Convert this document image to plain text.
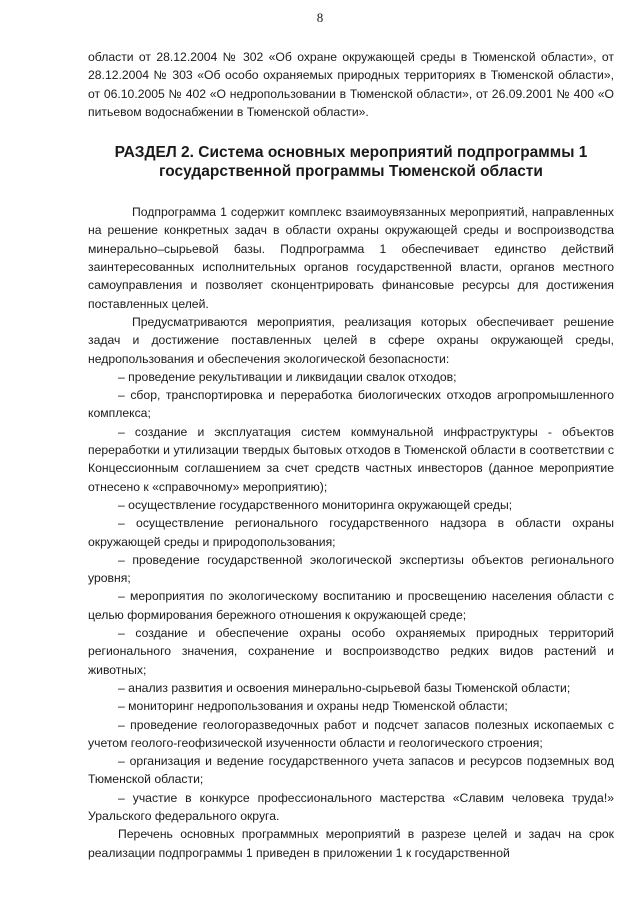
8

области от 28.12.2004 № 302 «Об охране окружающей среды в Тюменской области», от 28.12.2004 № 303 «Об особо охраняемых природных территориях в Тюменской области», от 06.10.2005 № 402 «О недропользовании в Тюменской области», от 26.09.2001 № 400 «О питьевом водоснабжении в Тюменской области».

РАЗДЕЛ 2. Система основных мероприятий подпрограммы 1 государственной программы Тюменской области

Подпрограмма 1 содержит комплекс взаимоувязанных мероприятий, направленных на решение конкретных задач в области охраны окружающей среды и воспроизводства минерально–сырьевой базы. Подпрограмма 1 обеспечивает единство действий заинтересованных исполнительных органов государственной власти, органов местного самоуправления и позволяет сконцентрировать финансовые ресурсы для достижения поставленных целей.

Предусматриваются мероприятия, реализация которых обеспечивает решение задач и достижение поставленных целей в сфере охраны окружающей среды, недропользования и обеспечения экологической безопасности:

– проведение рекультивации и ликвидации свалок отходов;
– сбор, транспортировка и переработка биологических отходов агропромышленного комплекса;
– создание и эксплуатация систем коммунальной инфраструктуры - объектов переработки и утилизации твердых бытовых отходов в Тюменской области в соответствии с Концессионным соглашением за счет средств частных инвесторов (данное мероприятие отнесено к «справочному» мероприятию);
– осуществление государственного мониторинга окружающей среды;
– осуществление регионального государственного надзора в области охраны окружающей среды и природопользования;
– проведение государственной экологической экспертизы объектов регионального уровня;
– мероприятия по экологическому воспитанию и просвещению населения области с целью формирования бережного отношения к окружающей среде;
– создание и обеспечение охраны особо охраняемых природных территорий регионального значения, сохранение и воспроизводство редких видов растений и животных;
– анализ развития и освоения минерально-сырьевой базы Тюменской области;
– мониторинг недропользования и охраны недр Тюменской области;
– проведение геологоразведочных работ и подсчет запасов полезных ископаемых с учетом геолого-геофизической изученности области и геологического строения;
– организация и ведение государственного учета запасов и ресурсов подземных вод Тюменской области;
– участие в конкурсе профессионального мастерства «Славим человека труда!» Уральского федерального округа.

Перечень основных программных мероприятий в разрезе целей и задач на срок реализации подпрограммы 1 приведен в приложении 1 к государственной
